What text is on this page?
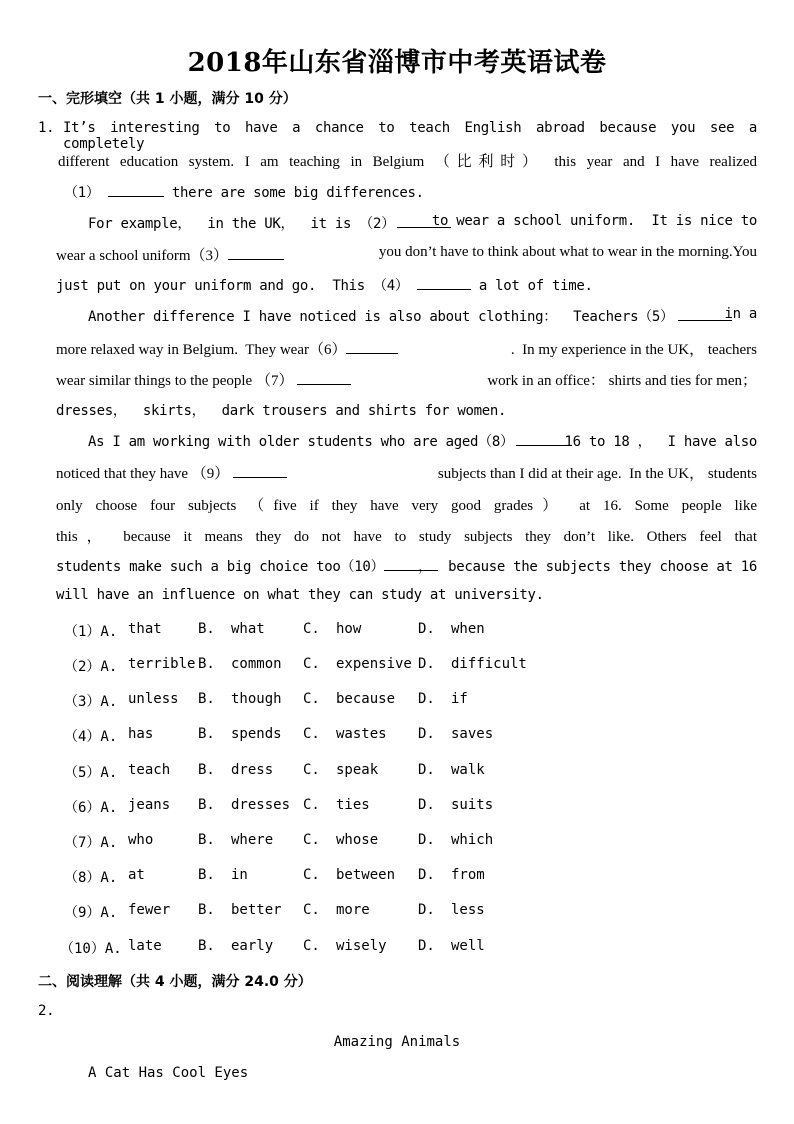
2018年山东省淄博市中考英语试卷
一、完形填空（共 1 小题，满分 10 分）
1. It’s interesting to have a chance to teach English abroad because you see a completely
different education system. I am teaching in Belgium （比利时） this year and I have realized
（1）	there are some big differences.
For example，  in the UK，  it is （2）	to wear a school uniform.  It is nice to
wear a school uniform（3）	you don’t have to think about what to wear in the morning.You
just put on your uniform and go.  This （4）	a lot of time.
Another difference I have noticed is also about clothing：  Teachers（5）	in a
more relaxed way in Belgium.  They wear（6）	.  In my experience in the UK， teachers
wear similar things to the people （7）	work in an office： shirts and ties for men；
dresses，  skirts，  dark trousers and shirts for women.
As I am working with older students who are aged（8）	16 to 18 ，  I have also
noticed that they have （9）	subjects than I did at their age.  In the UK， students
only choose four subjects （five if they have very good grades） at 16. Some people like
this， because it means they do not have to study subjects they don’t like. Others feel that
students make such a big choice too（10） ，  because the subjects they choose at 16
will have an influence on what they can study at university.
（1）A. that	B. what	C. how	D. when
（2）A. terrible B. common C. expensive D. difficult
（3）A. unless B. though C. because D. if
（4）A. has	B. spends C. wastes D. saves
（5）A. teach B. dress C. speak	D. walk
（6）A. jeans B. dresses C. ties	D. suits
（7）A. who	B. where C. whose	D. which
（8）A. at	B. in	C. between D. from
（9）A. fewer B. better C. more	D. less
（10）A. late	B. early C. wisely D. well
二、阅读理解（共 4 小题，满分 24.0 分）
2.
Amazing Animals
A Cat Has Cool Eyes
